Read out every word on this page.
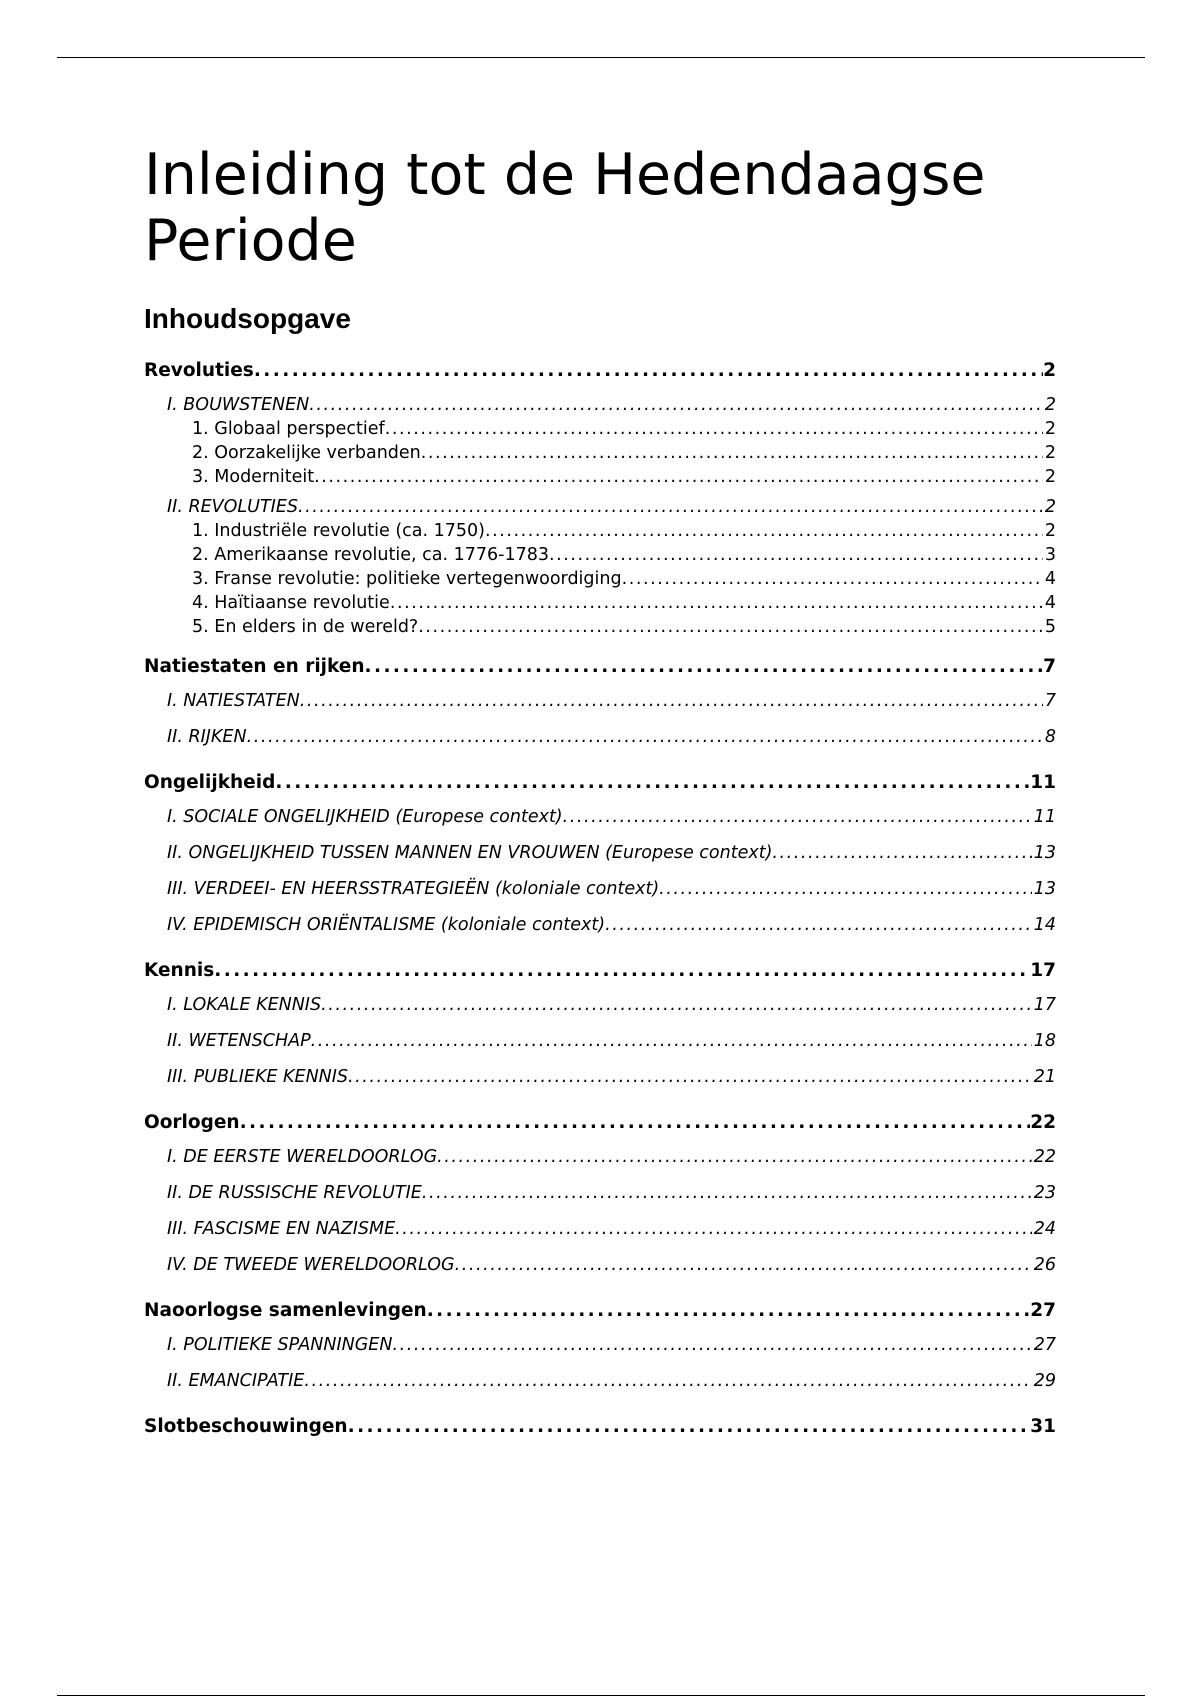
Inleiding tot de Hedendaagse Periode
Inhoudsopgave
Revoluties . . .	2
I. BOUWSTENEN . . .	2
1. Globaal perspectief . . .	2
2. Oorzakelijke verbanden . . .	2
3. Moderniteit . . .	2
II. REVOLUTIES . . .	2
1. Industriële revolutie (ca. 1750) . . .	2
2. Amerikaanse revolutie, ca. 1776-1783 . . .	3
3. Franse revolutie: politieke vertegenwoordiging . . .	4
4. Haïtiaanse revolutie . . .	4
5. En elders in de wereld? . . .	5
Natiestaten en rijken . . .	7
I. NATIESTATEN . . .	7
II. RIJKEN . . .	8
Ongelijkheid . . .	11
I. SOCIALE ONGELIJKHEID (Europese context) . . .	11
II. ONGELIJKHEID TUSSEN MANNEN EN VROUWEN (Europese context) . . .	13
III. VERDEEI- EN HEERSSTRATEGIEËN (koloniale context) . . .	13
IV. EPIDEMISCH ORIËNTALISME (koloniale context) . . .	14
Kennis . . .	17
I. LOKALE KENNIS . . .	17
II. WETENSCHAP . . .	18
III. PUBLIEKE KENNIS . . .	21
Oorlogen . . .	22
I. DE EERSTE WERELDOORLOG . . .	22
II. DE RUSSISCHE REVOLUTIE . . .	23
III. FASCISME EN NAZISME . . .	24
IV. DE TWEEDE WERELDOORLOG . . .	26
Naoorlogse samenlevingen . . .	27
I. POLITIEKE SPANNINGEN . . .	27
II. EMANCIPATIE . . .	29
Slotbeschouwingen . . .	31
